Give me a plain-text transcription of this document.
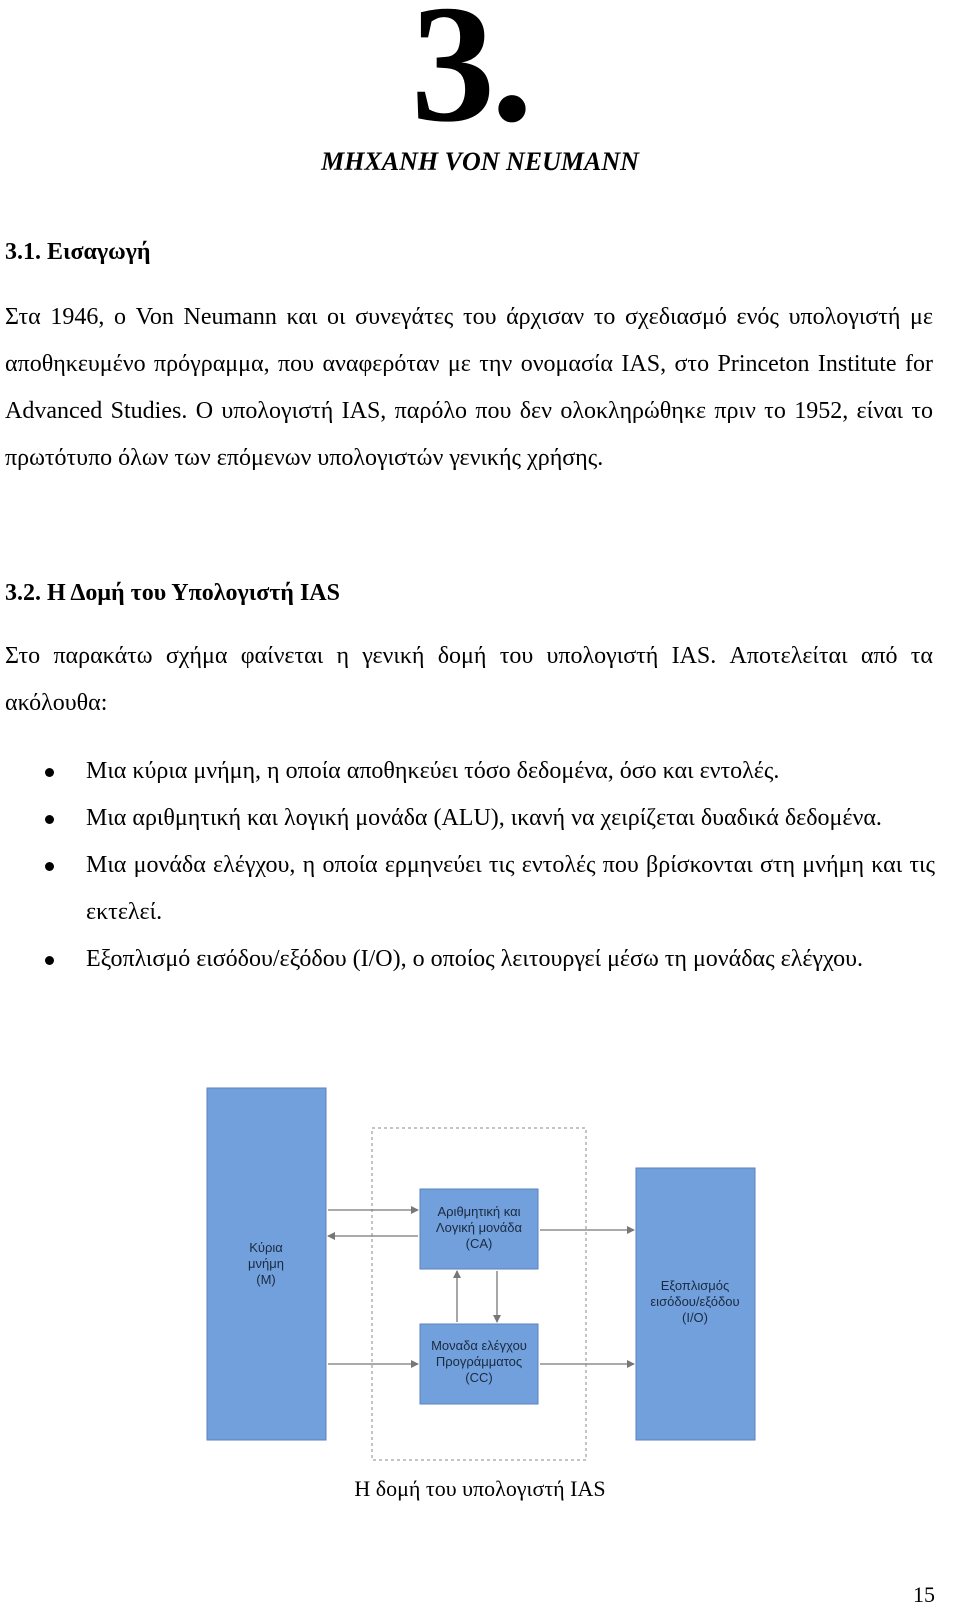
3.
ΜΗΧΑΝΗ VON NEUMANN
3.1. Εισαγωγή

Στα 1946, ο Von Neumann και οι συνεγάτες του άρχισαν το σχεδιασμό ενός υπολογιστή με αποθηκευμένο πρόγραμμα, που αναφερόταν με την ονομασία IAS, στο Princeton Institute for Advanced Studies. Ο υπολογιστή IAS, παρόλο που δεν ολοκληρώθηκε πριν το 1952, είναι το πρωτότυπο όλων των επόμενων υπολογιστών γενικής χρήσης.

3.2. Η Δομή του Υπολογιστή IAS

Στο παρακάτω σχήμα φαίνεται η γενική δομή του υπολογιστή IAS. Αποτελείται από τα ακόλουθα:

Μια κύρια μνήμη, η οποία αποθηκεύει τόσο δεδομένα, όσο και εντολές.
Μια αριθμητική και λογική μονάδα (ALU), ικανή να χειρίζεται δυαδικά δεδομένα.
Μια μονάδα ελέγχου, η οποία ερμηνεύει τις εντολές που βρίσκονται στη μνήμη και τις εκτελεί.
Εξοπλισμό εισόδου/εξόδου (I/O), ο οποίος λειτουργεί μέσω τη μονάδας ελέγχου.
Κύρια
μνήμη
(M)
Αριθμητική και
Λογική μονάδα
(CA)
Μοναδα ελέγχου
Προγράμματος
(CC)
Εξοπλισμός
εισόδου/εξόδου
(I/O)
Η δομή του υπολογιστή IAS
15
